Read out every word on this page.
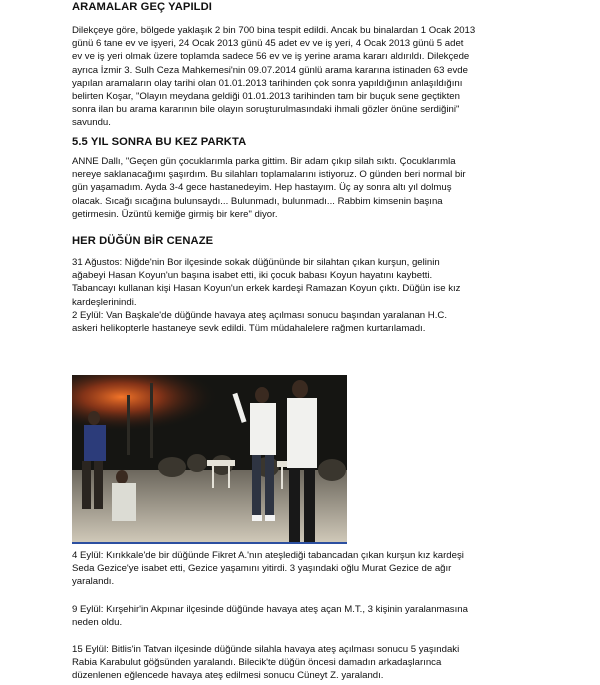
ARAMALAR GEÇ YAPILDI

Dilekçeye göre, bölgede yaklaşık 2 bin 700 bina tespit edildi. Ancak bu binalardan 1 Ocak 2013
günü 6 tane ev ve işyeri, 24 Ocak 2013 günü 45 adet ev ve iş yeri, 4 Ocak 2013 günü 5 adet
ev ve iş yeri olmak üzere toplamda sadece 56 ev ve iş yerine arama kararı aldırıldı. Dilekçede
ayrıca İzmir 3. Sulh Ceza Mahkemesi'nin 09.07.2014 günlü arama kararına istinaden 63 evde
yapılan aramaların olay tarihi olan 01.01.2013 tarihinden çok sonra yapıldığının anlaşıldığını
belirten Koşar, "Olayın meydana geldiği 01.01.2013 tarihinden tam bir buçuk sene geçtikten
sonra ilan bu arama kararının bile olayın soruşturulmasındaki ihmali gözler önüne serdiğini"
savundu.

5.5 YIL SONRA BU KEZ PARKTA

ANNE Dallı, "Geçen gün çocuklarımla parka gittim. Bir adam çıkıp silah sıktı. Çocuklarımla
nereye saklanacağımı şaşırdım. Bu silahları toplamalarını istiyoruz. O günden beri normal bir
gün yaşamadım. Ayda 3-4 gece hastanedeyim. Hep hastayım. Üç ay sonra altı yıl dolmuş
olacak. Sıcağı sıcağına bulunsaydı... Bulunmadı, bulunmadı... Rabbim kimsenin başına
getirmesin. Üzüntü kemiğe girmiş bir kere" diyor.

HER DÜĞÜN BİR CENAZE

31 Ağustos: Niğde'nin Bor ilçesinde sokak düğününde bir silahtan çıkan kurşun, gelinin
ağabeyi Hasan Koyun'un başına isabet etti, iki çocuk babası Koyun hayatını kaybetti.
Tabancayı kullanan kişi Hasan Koyun'un erkek kardeşi Ramazan Koyun çıktı. Düğün ise kız
kardeşlerinindi.
2 Eylül: Van Başkale'de düğünde havaya ateş açılması sonucu başından yaralanan H.C.
askeri helikopterle hastaneye sevk edildi. Tüm müdahalelere rağmen kurtarılamadı.

4 Eylül: Kırıkkale'de bir düğünde Fikret A.'nın ateşlediği tabancadan çıkan kurşun kız kardeşi
Seda Gezice'ye isabet etti, Gezice yaşamını yitirdi. 3 yaşındaki oğlu Murat Gezice de ağır
yaralandı.

9 Eylül: Kırşehir'in Akpınar ilçesinde düğünde havaya ateş açan M.T., 3 kişinin yaralanmasına
neden oldu.

15 Eylül: Bitlis'in Tatvan ilçesinde düğünde silahla havaya ateş açılması sonucu 5 yaşındaki
Rabia Karabulut göğsünden yaralandı. Bilecik'te düğün öncesi damadın arkadaşlarınca
düzenlenen eğlencede havaya ateş edilmesi sonucu Cüneyt Z. yaralandı.
